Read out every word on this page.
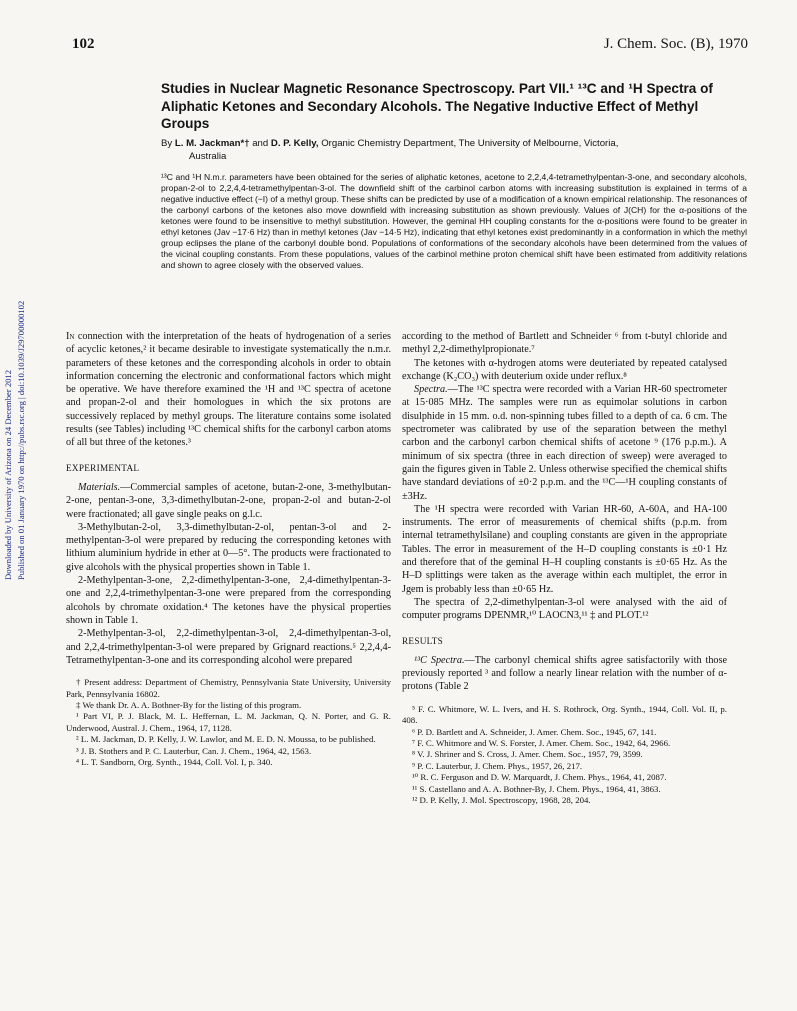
102	J. Chem. Soc. (B), 1970
Downloaded by University of Arizona on 24 December 2012 Published on 01 January 1970 on http://pubs.rsc.org | doi:10.1039/J29700000102
Studies in Nuclear Magnetic Resonance Spectroscopy. Part VII.¹ ¹³C and ¹H Spectra of Aliphatic Ketones and Secondary Alcohols. The Negative Inductive Effect of Methyl Groups
By L. M. Jackman*† and D. P. Kelly, Organic Chemistry Department, The University of Melbourne, Victoria,
Australia
¹³C and ¹H N.m.r. parameters have been obtained for the series of aliphatic ketones, acetone to 2,2,4,4-tetramethylpentan-3-one, and secondary alcohols, propan-2-ol to 2,2,4,4-tetramethylpentan-3-ol. The downfield shift of the carbinol carbon atoms with increasing substitution is explained in terms of a negative inductive effect (−I) of a methyl group. These shifts can be predicted by use of a modification of a known empirical relationship. The resonances of the carbonyl carbons of the ketones also move downfield with increasing substitution as shown previously. Values of J(CH) for the α-positions of the ketones were found to be insensitive to methyl substitution. However, the geminal HH coupling constants for the α-positions were found to be greater in ethyl ketones (Jav −17·6 Hz) than in methyl ketones (Jav −14·5 Hz), indicating that ethyl ketones exist predominantly in a conformation in which the methyl group eclipses the plane of the carbonyl double bond. Populations of conformations of the secondary alcohols have been determined from the values of the vicinal coupling constants. From these populations, values of the carbinol methine proton chemical shift have been estimated from additivity relations and shown to agree closely with the observed values.

In connection with the interpretation of the heats of hydrogenation of a series of acyclic ketones,² it became desirable to investigate systematically the n.m.r. parameters of these ketones and the corresponding alcohols in order to obtain information concerning the electronic and conformational factors which might be operative. We have therefore examined the ¹H and ¹³C spectra of acetone and propan-2-ol and their homologues in which the six protons are successively replaced by methyl groups. The literature contains some isolated results (see Tables) including ¹³C chemical shifts for the carbonyl carbon atoms of all but three of the ketones.³

EXPERIMENTAL

Materials.—Commercial samples of acetone, butan-2-one, 3-methylbutan-2-one, pentan-3-one, 3,3-dimethylbutan-2-one, propan-2-ol and butan-2-ol were fractionated; all gave single peaks on g.l.c.

3-Methylbutan-2-ol, 3,3-dimethylbutan-2-ol, pentan-3-ol and 2-methylpentan-3-ol were prepared by reducing the corresponding ketones with lithium aluminium hydride in ether at 0—5°. The products were fractionated to give alcohols with the physical properties shown in Table 1.

2-Methylpentan-3-one, 2,2-dimethylpentan-3-one, 2,4-dimethylpentan-3-one and 2,2,4-trimethylpentan-3-one were prepared from the corresponding alcohols by chromate oxidation.⁴ The ketones have the physical properties shown in Table 1.

2-Methylpentan-3-ol, 2,2-dimethylpentan-3-ol, 2,4-dimethylpentan-3-ol, and 2,2,4-trimethylpentan-3-ol were prepared by Grignard reactions.⁵ 2,2,4,4-Tetramethylpentan-3-one and its corresponding alcohol were prepared

† Present address: Department of Chemistry, Pennsylvania State University, University Park, Pennsylvania 16802.

‡ We thank Dr. A. A. Bothner-By for the listing of this program.

¹ Part VI, P. J. Black, M. L. Heffernan, L. M. Jackman, Q. N. Porter, and G. R. Underwood, Austral. J. Chem., 1964, 17, 1128.

² L. M. Jackman, D. P. Kelly, J. W. Lawlor, and M. E. D. N. Moussa, to be published.

³ J. B. Stothers and P. C. Lauterbur, Can. J. Chem., 1964, 42, 1563.

⁴ L. T. Sandborn, Org. Synth., 1944, Coll. Vol. I, p. 340.

according to the method of Bartlett and Schneider ⁶ from t-butyl chloride and methyl 2,2-dimethylpropionate.⁷

The ketones with α-hydrogen atoms were deuteriated by repeated catalysed exchange (K₂CO₃) with deuterium oxide under reflux.⁸

Spectra.—The ¹³C spectra were recorded with a Varian HR-60 spectrometer at 15·085 MHz. The samples were run as equimolar solutions in carbon disulphide in 15 mm. o.d. non-spinning tubes filled to a depth of ca. 6 cm. The spectrometer was calibrated by use of the separation between the methyl carbon and the carbonyl carbon chemical shifts of acetone ⁹ (176 p.p.m.). A minimum of six spectra (three in each direction of sweep) were averaged to gain the figures given in Table 2. Unless otherwise specified the chemical shifts have standard deviations of ±0·2 p.p.m. and the ¹³C—¹H coupling constants of ±3Hz.

The ¹H spectra were recorded with Varian HR-60, A-60A, and HA-100 instruments. The error of measurements of chemical shifts (p.p.m. from internal tetramethylsilane) and coupling constants are given in the appropriate Tables. The error in measurement of the H–D coupling constants is ±0·1 Hz and therefore that of the geminal H–H coupling constants is ±0·65 Hz. As the H–D splittings were taken as the average within each multiplet, the error in Jgem is probably less than ±0·65 Hz.

The spectra of 2,2-dimethylpentan-3-ol were analysed with the aid of computer programs DPENMR,¹⁰ LAOCN3,¹¹ ‡ and PLOT.¹²

RESULTS

¹³C Spectra.—The carbonyl chemical shifts agree satisfactorily with those previously reported ³ and follow a nearly linear relation with the number of α-protons (Table 2

⁵ F. C. Whitmore, W. L. Ivers, and H. S. Rothrock, Org. Synth., 1944, Coll. Vol. II, p. 408.

⁶ P. D. Bartlett and A. Schneider, J. Amer. Chem. Soc., 1945, 67, 141.

⁷ F. C. Whitmore and W. S. Forster, J. Amer. Chem. Soc., 1942, 64, 2966.

⁸ V. J. Shriner and S. Cross, J. Amer. Chem. Soc., 1957, 79, 3599.

⁹ P. C. Lauterbur, J. Chem. Phys., 1957, 26, 217.

¹⁰ R. C. Ferguson and D. W. Marquardt, J. Chem. Phys., 1964, 41, 2087.

¹¹ S. Castellano and A. A. Bothner-By, J. Chem. Phys., 1964, 41, 3863.

¹² D. P. Kelly, J. Mol. Spectroscopy, 1968, 28, 204.
